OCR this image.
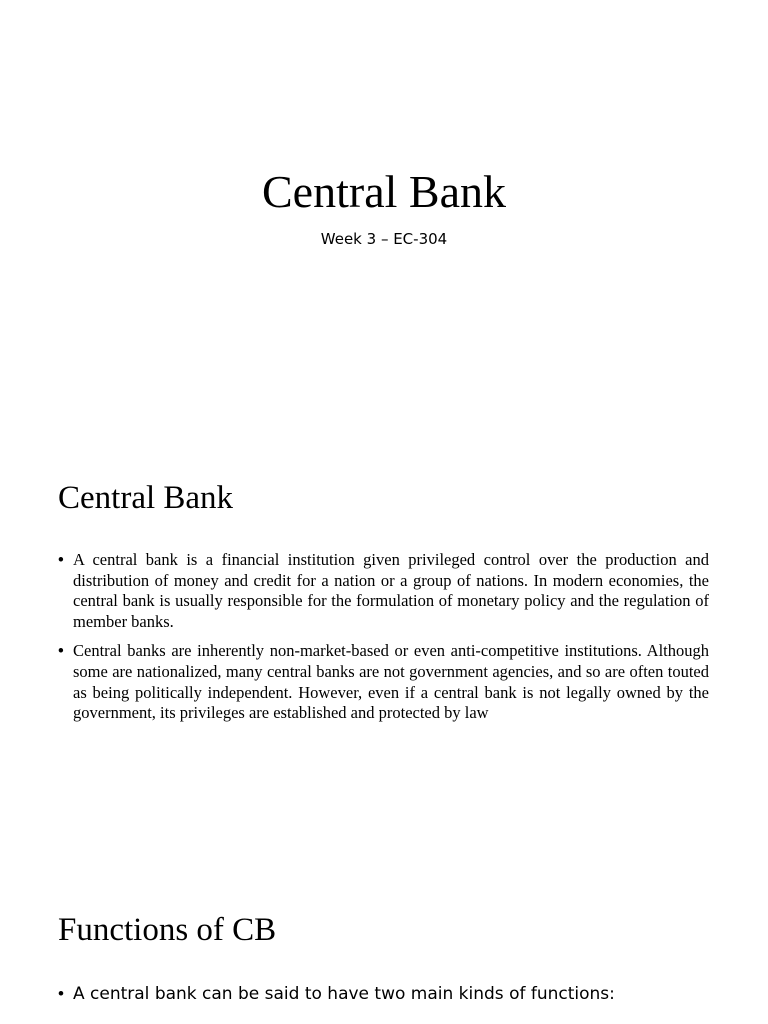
Central Bank

Week 3 – EC-304

Central Bank
• A central bank is a financial institution given privileged control over the production and distribution of money and credit for a nation or a group of nations. In modern economies, the central bank is usually responsible for the formulation of monetary policy and the regulation of member banks.
• Central banks are inherently non-market-based or even anti-competitive institutions. Although some are nationalized, many central banks are not government agencies, and so are often touted as being politically independent. However, even if a central bank is not legally owned by the government, its privileges are established and protected by law
Functions of CB
• A central bank can be said to have two main kinds of functions:
